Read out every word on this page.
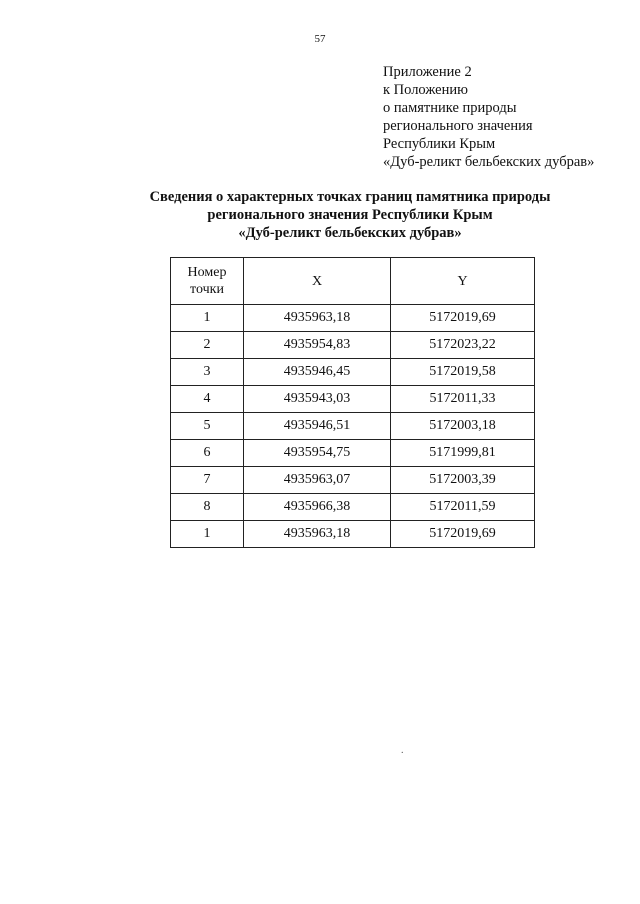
57
Приложение 2
к Положению
о памятнике природы
регионального значения
Республики Крым
«Дуб-реликт бельбекских дубрав»
Сведения о характерных точках границ памятника природы
регионального значения Республики Крым
«Дуб-реликт бельбекских дубрав»
Номер точки	X	Y
1	4935963,18	5172019,69
2	4935954,83	5172023,22
3	4935946,45	5172019,58
4	4935943,03	5172011,33
5	4935946,51	5172003,18
6	4935954,75	5171999,81
7	4935963,07	5172003,39
8	4935966,38	5172011,59
1	4935963,18	5172019,69
.
